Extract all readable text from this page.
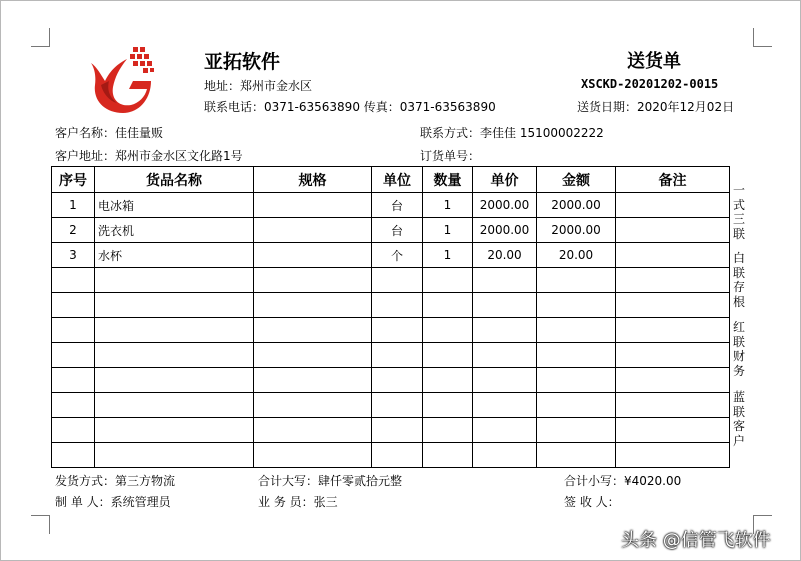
亚拓软件
地址：郑州市金水区
联系电话：0371-63563890 传真：0371-63563890
送货单
XSCKD-20201202-0015
送货日期：2020年12月02日
客户名称：佳佳量贩	联系方式：李佳佳 15100002222
客户地址：郑州市金水区文化路1号	订货单号：
序号	货品名称	规格	单位	数量	单价	金额	备注
1	电冰箱		台	1	2000.00	2000.00	
2	洗衣机		台	1	2000.00	2000.00	
3	水杯		个	1	20.00	20.00	

一式三联
白联存根
红联财务
蓝联客户
发货方式：第三方物流	合计大写：肆仟零贰拾元整	合计小写：¥4020.00
制 单 人：系统管理员	业 务 员：张三	签 收 人：
头条 @信管飞软件
